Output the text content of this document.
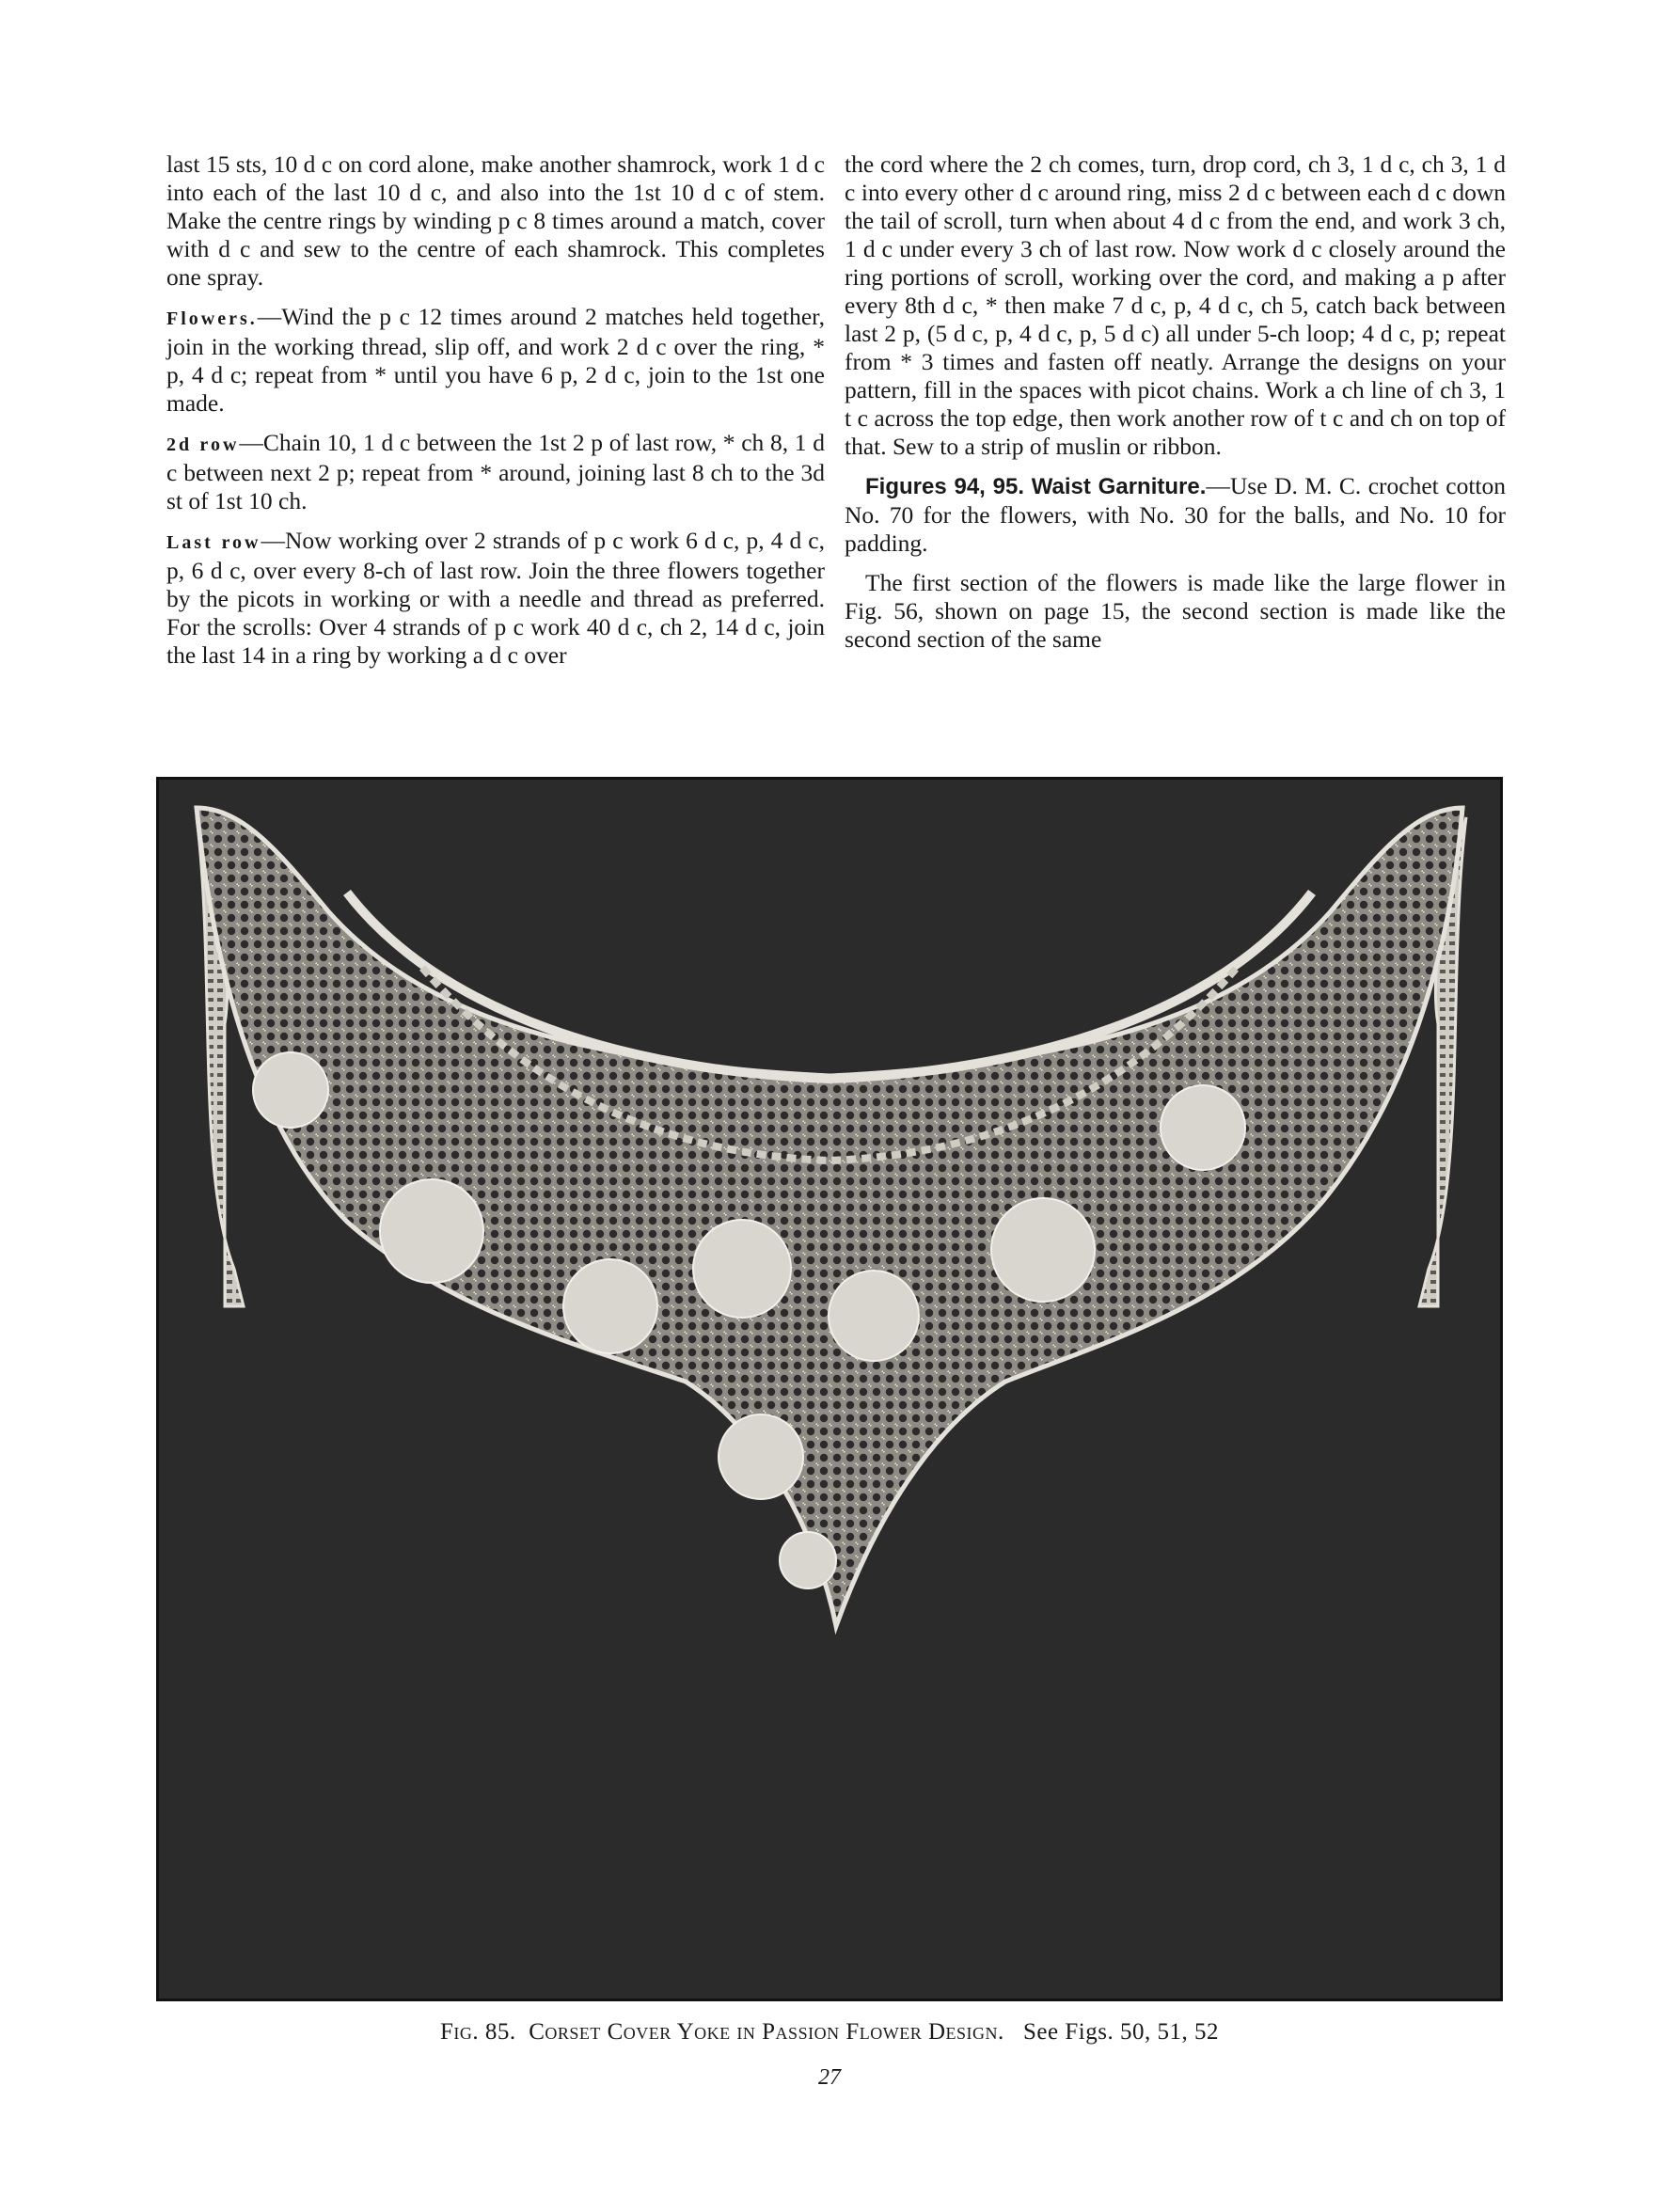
last 15 sts, 10 d c on cord alone, make another shamrock, work 1 d c into each of the last 10 d c, and also into the 1st 10 d c of stem. Make the centre rings by winding p c 8 times around a match, cover with d c and sew to the centre of each shamrock. This completes one spray.

Flowers.—Wind the p c 12 times around 2 matches held together, join in the working thread, slip off, and work 2 d c over the ring, * p, 4 d c; repeat from * until you have 6 p, 2 d c, join to the 1st one made.

2d row—Chain 10, 1 d c between the 1st 2 p of last row, * ch 8, 1 d c between next 2 p; repeat from * around, joining last 8 ch to the 3d st of 1st 10 ch.

Last row—Now working over 2 strands of p c work 6 d c, p, 4 d c, p, 6 d c, over every 8-ch of last row. Join the three flowers together by the picots in working or with a needle and thread as preferred. For the scrolls: Over 4 strands of p c work 40 d c, ch 2, 14 d c, join the last 14 in a ring by working a d c over

the cord where the 2 ch comes, turn, drop cord, ch 3, 1 d c, ch 3, 1 d c into every other d c around ring, miss 2 d c between each d c down the tail of scroll, turn when about 4 d c from the end, and work 3 ch, 1 d c under every 3 ch of last row. Now work d c closely around the ring portions of scroll, working over the cord, and making a p after every 8th d c, * then make 7 d c, p, 4 d c, ch 5, catch back between last 2 p, (5 d c, p, 4 d c, p, 5 d c) all under 5-ch loop; 4 d c, p; repeat from * 3 times and fasten off neatly. Arrange the designs on your pattern, fill in the spaces with picot chains. Work a ch line of ch 3, 1 t c across the top edge, then work another row of t c and ch on top of that. Sew to a strip of muslin or ribbon.

Figures 94, 95. Waist Garniture.—Use D. M. C. crochet cotton No. 70 for the flowers, with No. 30 for the balls, and No. 10 for padding.

The first section of the flowers is made like the large flower in Fig. 56, shown on page 15, the second section is made like the second section of the same

Fig. 85. Corset Cover Yoke in Passion Flower Design. See Figs. 50, 51, 52
27
